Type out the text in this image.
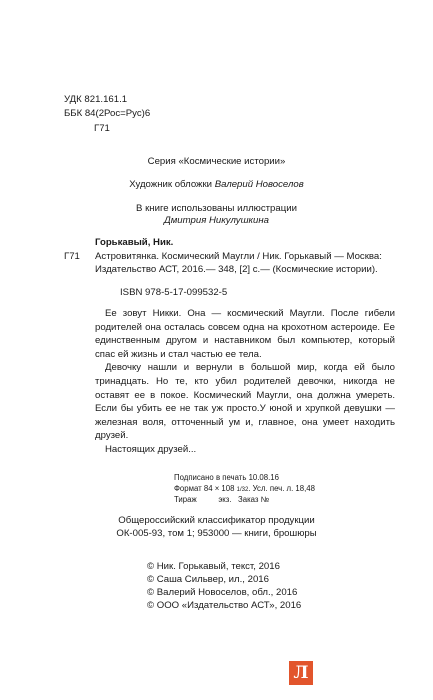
УДК 821.161.1
ББК 84(2Рос=Рус)6
Г71
Серия «Космические истории»
Художник обложки Валерий Новоселов
В книге использованы иллюстрации
Дмитрия Никулушкина
Горькавый, Ник.
Г71 Астровитянка. Космический Маугли / Ник. Горькавый — Москва:
Издательство АСТ, 2016.— 348, [2] с.— (Космические истории).
ISBN 978-5-17-099532-5

Ее зовут Никки. Она — космический Маугли. После гибели родителей она осталась совсем одна на крохотном астероиде. Ее единственным другом и наставником был компьютер, который спас ей жизнь и стал частью ее тела.

Девочку нашли и вернули в большой мир, когда ей было тринадцать. Но те, кто убил родителей девочки, никогда не оставят ее в покое. Космический Маугли, она должна умереть. Если бы убить ее не так уж просто.У юной и хрупкой девушки — железная воля, отточенный ум и, главное, она умеет находить друзей.

Настоящих друзей...

Подписано в печать 10.08.16
Формат 84 × 108 1/32. Усл. печ. л. 18,48
Тираж          экз.   Заказ №
Общероссийский классификатор продукции
ОК-005-93, том 1; 953000 — книги, брошюры
© Ник. Горькавый, текст, 2016
© Саша Сильвер, ил., 2016
© Валерий Новоселов, обл., 2016
© ООО «Издательство АСТ», 2016
Л
